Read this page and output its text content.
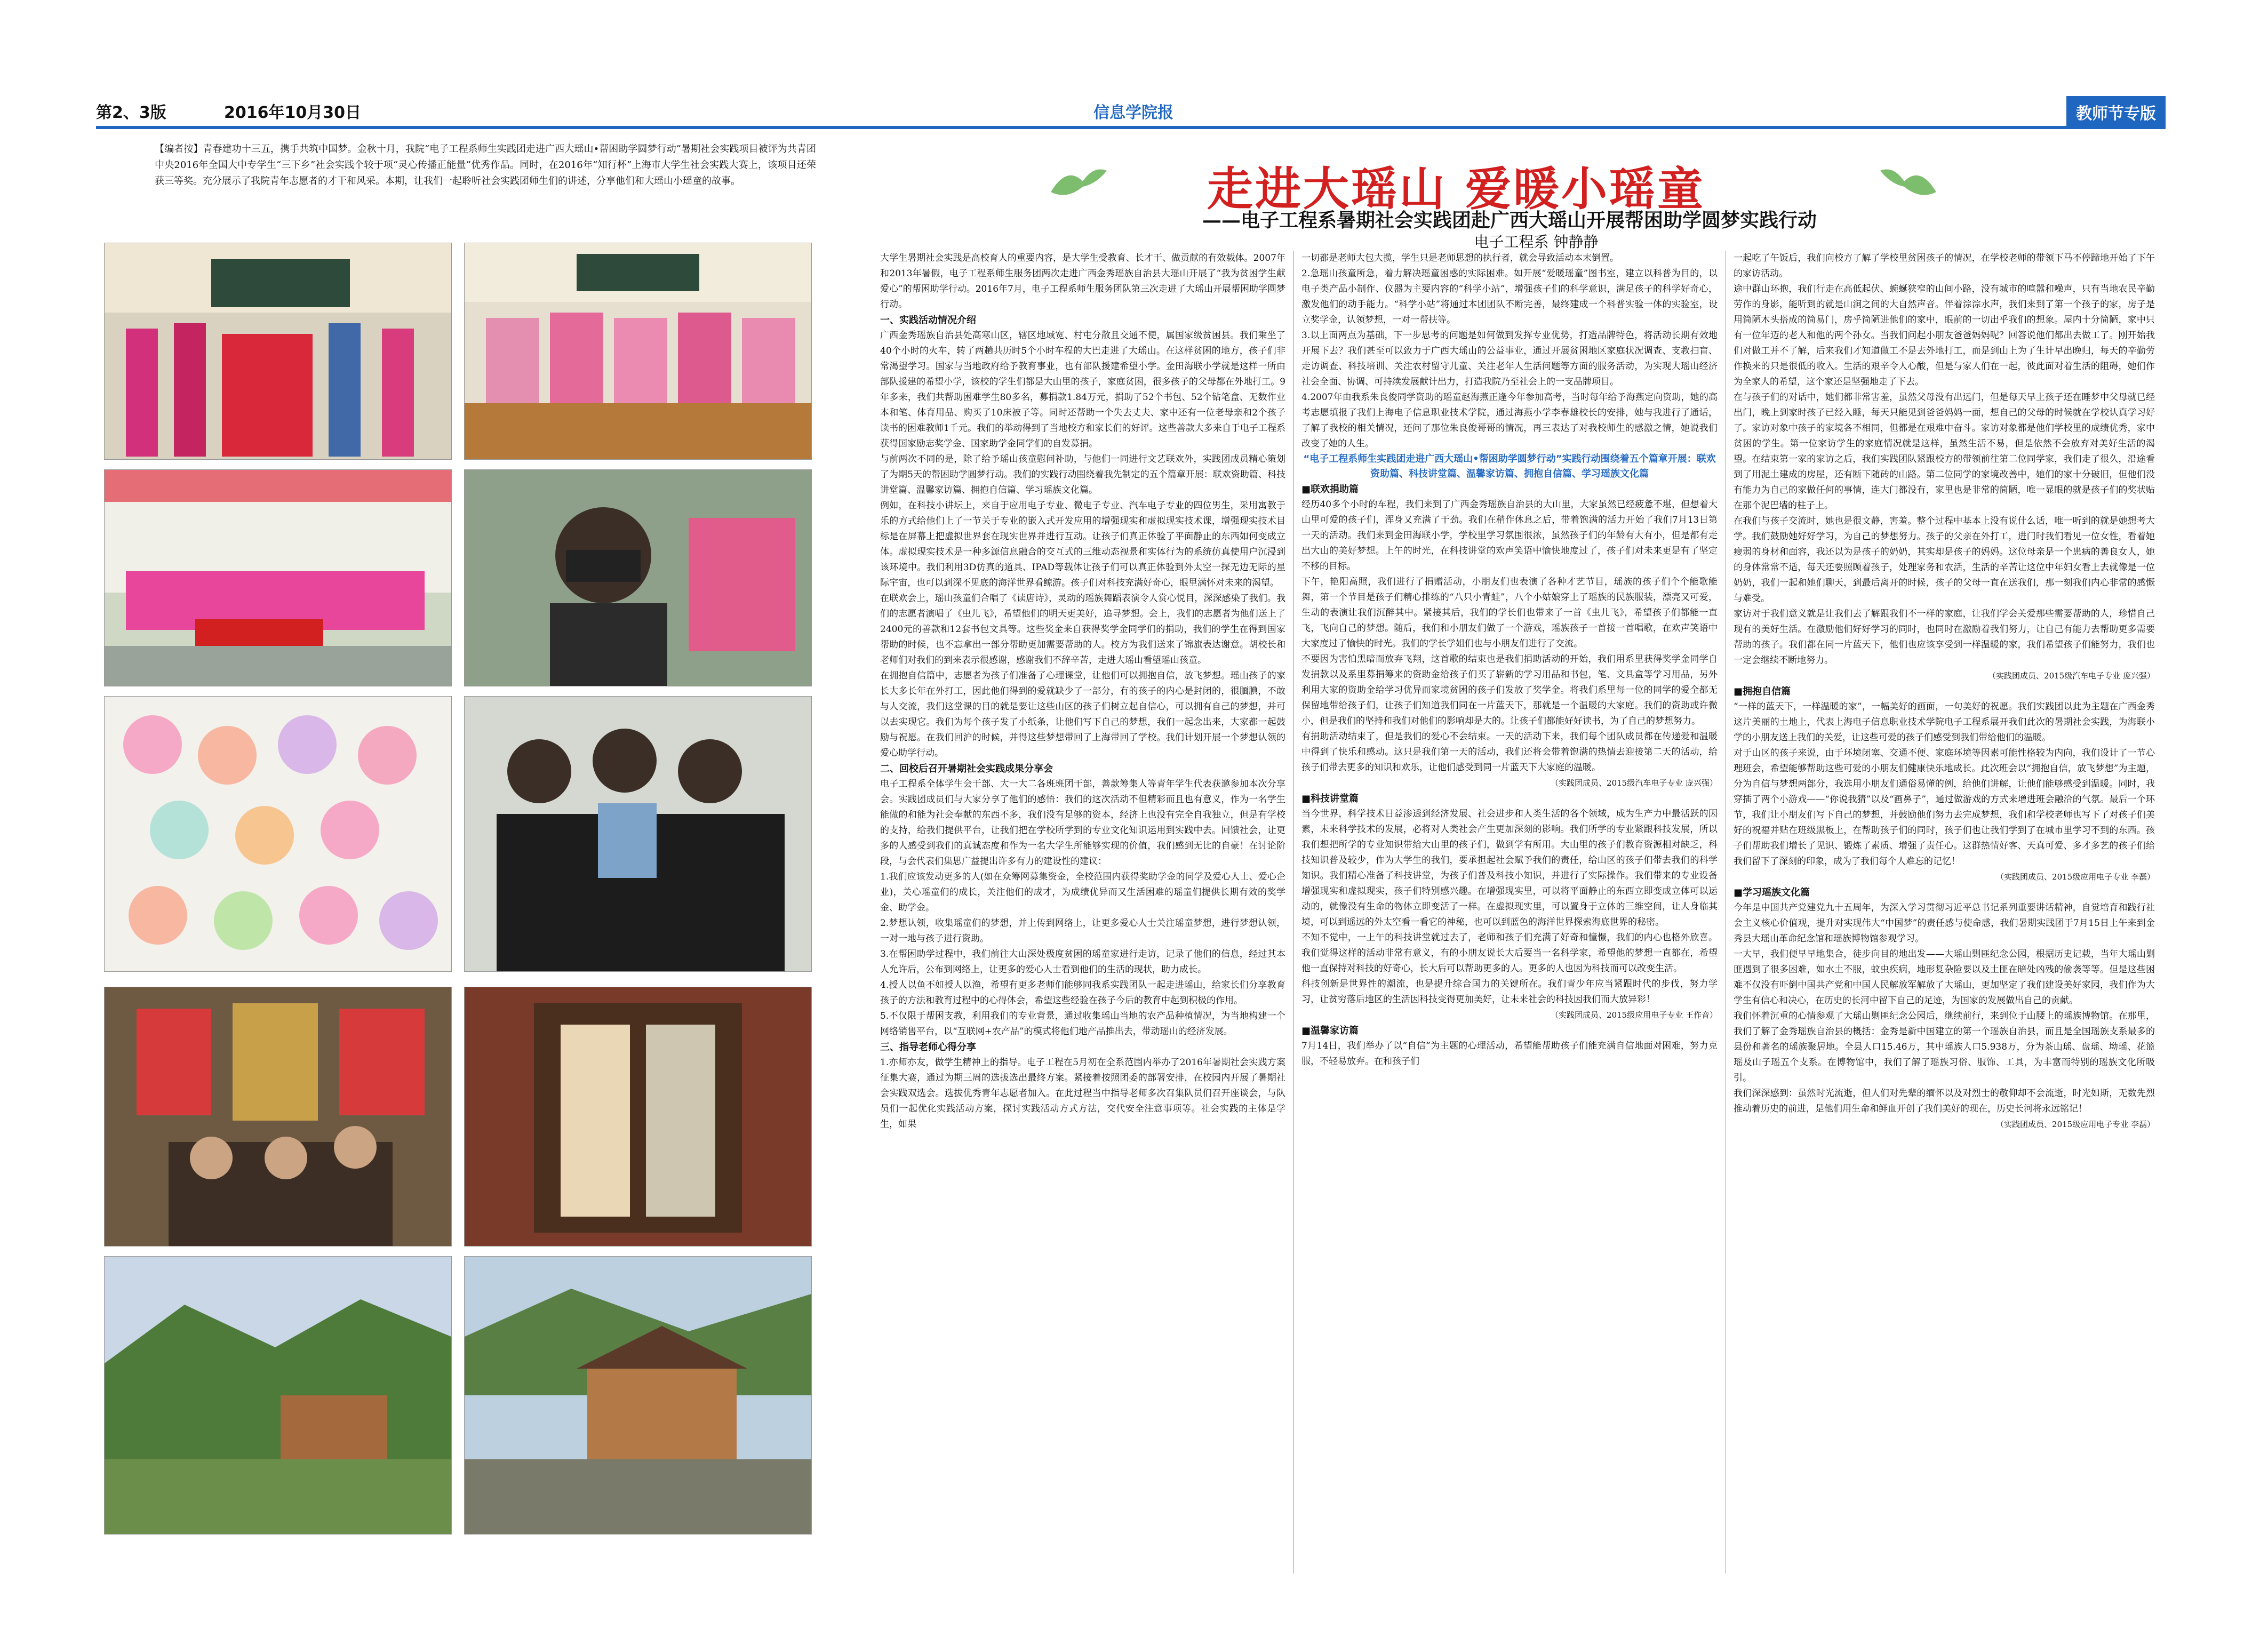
第2、3版	2016年10月30日	信息学院报	教师节专版
【编者按】青春建功十三五，携手共筑中国梦。金秋十月，我院“电子工程系师生实践团走进广西大瑶山•帮困助学圆梦行动”暑期社会实践项目被评为共青团中央2016年全国大中专学生“三下乡”社会实践个较于项“灵心传播正能量”优秀作品。同时，在2016年“知行杯”上海市大学生社会实践大赛上，该项目还荣获三等奖。充分展示了我院青年志愿者的才干和风采。本期，让我们一起聆听社会实践团师生们的讲述，分享他们和大瑶山小瑶童的故事。	走进大瑶山 爱暖小瑶童
——电子工程系暑期社会实践团赴广西大瑶山开展帮困助学圆梦实践行动
电子工程系 钟静静

大学生暑期社会实践是高校育人的重要内容，是大学生受教育、长才干、做贡献的有效载体。2007年和2013年暑假，电子工程系师生服务团两次走进广西金秀瑶族自治县大瑶山开展了“我为贫困学生献爱心”的帮困助学行动。2016年7月，电子工程系师生服务团队第三次走进了大瑶山开展帮困助学圆梦行动。

一、实践活动情况介绍

广西金秀瑶族自治县处高寒山区，辖区地域宽、村屯分散且交通不便，属国家级贫困县。我们乘坐了40个小时的火车，转了两趟共历时5个小时车程的大巴走进了大瑶山。在这样贫困的地方，孩子们非常渴望学习。国家与当地政府给予教育事业，也有部队援建希望小学。金田海联小学就是这样一所由部队援建的希望小学，该校的学生们都是大山里的孩子，家庭贫困，很多孩子的父母都在外地打工。9年多来，我们共帮助困难学生80多名，募捐款1.84万元，捐助了52个书包、52个钻笔盒、无数作业本和笔、体育用品、购买了10床被子等。同时还帮助一个失去丈夫、家中还有一位老母亲和2个孩子读书的困难教师1千元。我们的举动得到了当地校方和家长们的好评。这些善款大多来自于电子工程系获得国家励志奖学金、国家助学金同学们的自发募捐。

与前两次不同的是，除了给予瑶山孩童慰问补助，与他们一同进行文艺联欢外，实践团成员精心策划了为期5天的帮困助学圆梦行动。我们的实践行动围绕着我先制定的五个篇章开展：联欢资助篇、科技讲堂篇、温馨家访篇、拥抱自信篇、学习瑶族文化篇。

例如，在科技小讲坛上，来自于应用电子专业、微电子专业、汽车电子专业的四位男生，采用寓教于乐的方式给他们上了一节关于专业的嵌入式开发应用的增强现实和虚拟现实技术课，增强现实技术目标是在屏幕上把虚拟世界套在现实世界并进行互动。让孩子们真正体验了平面静止的东西如何变成立体。虚拟现实技术是一种多源信息融合的交互式的三维动态视景和实体行为的系统仿真使用户沉浸到该环境中。我们利用3D仿真的道具、IPAD等载体让孩子们可以真正体验到外太空一探无边无际的星际宇宙，也可以到深不见底的海洋世界看鲸游。孩子们对科技充满好奇心，眼里满怀对未来的渴望。

在联欢会上，瑶山孩童们合唱了《读唐诗》，灵动的瑶族舞蹈表演令人赏心悦目，深深感染了我们。我们的志愿者演唱了《虫儿飞》，希望他们的明天更美好，追寻梦想。会上，我们的志愿者为他们送上了2400元的善款和12套书包文具等。这些奖金来自获得奖学金同学们的捐助，我们的学生在得到国家帮助的时候，也不忘拿出一部分帮助更加需要帮助的人。校方为我们送来了锦旗表达谢意。胡校长和老师们对我们的到来表示很感谢，感谢我们不辞辛苦，走进大瑶山看望瑶山孩童。

在拥抱自信篇中，志愿者为孩子们准备了心理课堂，让他们可以拥抱自信，放飞梦想。瑶山孩子的家长大多长年在外打工，因此他们得到的爱就缺少了一部分，有的孩子的内心是封闭的，很腼腆，不敢与人交流，我们这堂课的目的就是要让这些山区的孩子们树立起自信心，可以拥有自己的梦想，并可以去实现它。我们为每个孩子发了小纸条，让他们写下自己的梦想，我们一起念出来，大家都一起鼓励与祝愿。在我们回沪的时候，并得这些梦想带回了上海带回了学校。我们计划开展一个梦想认领的爱心助学行动。

二、回校后召开暑期社会实践成果分享会

电子工程系全体学生会干部、大一大二各班班团干部，善款筹集人等青年学生代表获邀参加本次分享会。实践团成员们与大家分享了他们的感悟：我们的这次活动不但精彩而且也有意义，作为一名学生能做的和能为社会奉献的东西不多，我们没有足够的资本，经济上也没有完全自我独立，但是有学校的支持，给我们提供平台，让我们把在学校所学到的专业文化知识运用到实践中去。回馈社会，让更多的人感受到我们的真诚态度和作为一名大学生所能够实现的价值，我们感到无比的自豪！在讨论阶段，与会代表们集思广益提出许多有力的建设性的建议：

1.我们应该发动更多的人(如在众筹网募集资金，全校范围内获得奖助学金的同学及爱心人士、爱心企业)，关心瑶童们的成长，关注他们的成才，为成绩优异而又生活困难的瑶童们提供长期有效的奖学金、助学金。

2.梦想认领，收集瑶童们的梦想，并上传到网络上，让更多爱心人士关注瑶童梦想，进行梦想认领，一对一地与孩子进行资助。

3.在帮困助学过程中，我们前往大山深处极度贫困的瑶童家进行走访，记录了他们的信息，经过其本人允许后，公布到网络上，让更多的爱心人士看到他们的生活的现状，助力成长。

4.授人以鱼不如授人以渔，希望有更多老师们能够同我系实践团队一起走进瑶山，给家长们分享教育孩子的方法和教育过程中的心得体会，希望这些经验在孩子今后的教育中起到积极的作用。

5.不仅限于帮困支教，利用我们的专业背景，通过收集瑶山当地的农产品种植情况，为当地构建一个网络销售平台，以“互联网+农产品”的模式将他们地产品推出去，带动瑶山的经济发展。

三、指导老师心得分享

1.亦师亦友，做学生精神上的指导。电子工程在5月初在全系范围内举办了2016年暑期社会实践方案征集大赛，通过为期三周的选拔选出最终方案。紧接着按照团委的部署安排，在校园内开展了暑期社会实践双选会。选拔优秀青年志愿者加入。在此过程当中指导老师多次召集队员们召开座谈会，与队员们一起优化实践活动方案，探讨实践活动方式方法，交代安全注意事项等。社会实践的主体是学生，如果

一切都是老师大包大揽，学生只是老师思想的执行者，就会导致活动本末倒置。

2.急瑶山孩童所急，着力解决瑶童困惑的实际困难。如开展“爱暖瑶童”图书室，建立以科普为目的，以电子类产品小制作、仪器为主要内容的“科学小站”，增强孩子们的科学意识，满足孩子的科学好奇心，激发他们的动手能力。“科学小站”将通过本团团队不断完善，最终建成一个科普实验一体的实验室，设立奖学金，认领梦想，一对一帮扶等。

3.以上面两点为基础，下一步思考的问题是如何做到发挥专业优势，打造品牌特色，将活动长期有效地开展下去？我们甚至可以致力于广西大瑶山的公益事业，通过开展贫困地区家庭状况调查、支教扫盲、走访调查、科技培训、关注农村留守儿童、关注老年人生活问题等方面的服务活动，为实现大瑶山经济社会全面、协调、可持续发展献计出力，打造我院乃至社会上的一支品牌项目。

4.2007年由我系朱良俊同学资助的瑶童赵海燕正逢今年参加高考，当时每年给予海燕定向资助，她的高考志愿填报了我们上海电子信息职业技术学院，通过海燕小学李春雄校长的安排，她与我进行了通话，了解了我校的相关情况，还问了那位朱良俊哥哥的情况，再三表达了对我校师生的感激之情，她说我们改变了她的人生。

“电子工程系师生实践团走进广西大瑶山•帮困助学圆梦行动”实践行动围绕着五个篇章开展：联欢资助篇、科技讲堂篇、温馨家访篇、拥抱自信篇、学习瑶族文化篇

■联欢捐助篇

经历40多个小时的车程，我们来到了广西金秀瑶族自治县的大山里，大家虽然已经疲惫不堪，但想着大山里可爱的孩子们，浑身又充满了干劲。我们在稍作休息之后，带着饱满的活力开始了我们7月13日第一天的活动。我们来到金田海联小学，学校里学习氛围很浓，虽然孩子们的年龄有大有小，但是都有走出大山的美好梦想。上午的时光，在科技讲堂的欢声笑语中愉快地度过了，孩子们对未来更是有了坚定不移的目标。

下午，艳阳高照，我们进行了捐赠活动，小朋友们也表演了各种才艺节目，瑶族的孩子们个个能歌能舞，第一个节目是孩子们精心排练的“八只小青蛙”，八个小姑娘穿上了瑶族的民族服装，漂亮又可爱，生动的表演让我们沉醉其中。紧接其后，我们的学长们也带来了一首《虫儿飞》，希望孩子们都能一直飞，飞向自己的梦想。随后，我们和小朋友们做了一个游戏，瑶族孩子一首接一首唱歌，在欢声笑语中大家度过了愉快的时光。我们的学长学姐们也与小朋友们进行了交流。

不要因为害怕黑暗而放弃飞翔，这首歌的结束也是我们捐助活动的开始，我们用系里获得奖学金同学自发捐款以及系里募捐筹来的资助金给孩子们买了崭新的学习用品和书包，笔、文具盒等学习用品，另外利用大家的资助金给学习优异而家境贫困的孩子们发放了奖学金。将我们系里每一位的同学的爱全都无保留地带给孩子们，让孩子们知道我们同在一片蓝天下，那就是一个温暖的大家庭。我们的资助或许微小，但是我们的坚持和我们对他们的影响却是大的。让孩子们都能好好读书，为了自己的梦想努力。

有捐助活动结束了，但是我们的爱心不会结束。一天的活动下来，我们每个团队成员都在传递爱和温暖中得到了快乐和感动。这只是我们第一天的活动，我们还将会带着饱满的热情去迎接第二天的活动，给孩子们带去更多的知识和欢乐，让他们感受到同一片蓝天下大家庭的温暖。

（实践团成员、2015级汽车电子专业 庞兴强）

■科技讲堂篇

当今世界，科学技术日益渗透到经济发展、社会进步和人类生活的各个领域，成为生产力中最活跃的因素，未来科学技术的发展，必将对人类社会产生更加深刻的影响。我们所学的专业紧跟科技发展，所以我们想把所学的专业知识带给大山里的孩子们，做到学有所用。大山里的孩子们教育资源相对缺乏，科技知识普及较少，作为大学生的我们，要承担起社会赋予我们的责任，给山区的孩子们带去我们的科学知识。我们精心准备了科技讲堂，为孩子们普及科技小知识，并进行了实际操作。我们带来的专业设备增强现实和虚拟现实，孩子们特别感兴趣。在增强现实里，可以将平面静止的东西立即变成立体可以运动的，就像没有生命的物体立即变活了一样。在虚拟现实里，可以置身于立体的三维空间，让人身临其境，可以到遥远的外太空看一看它的神秘，也可以到蓝色的海洋世界探索海底世界的秘密。

不知不觉中，一上午的科技讲堂就过去了，老师和孩子们充满了好奇和憧憬，我们的内心也格外欣喜。我们觉得这样的活动非常有意义，有的小朋友说长大后要当一名科学家，希望他的梦想一直都在，希望他一直保持对科技的好奇心，长大后可以帮助更多的人。更多的人也因为科技而可以改变生活。

科技创新是世界性的潮流，也是提升综合国力的关键所在。我们青少年应当紧跟时代的步伐，努力学习，让贫穷落后地区的生活因科技变得更加美好，让未来社会的科技因我们而大放异彩！

（实践团成员、2015级应用电子专业 王作音）

■温馨家访篇

7月14日，我们举办了以“自信”为主题的心理活动，希望能帮助孩子们能充满自信地面对困难，努力克服，不轻易放弃。在和孩子们

一起吃了午饭后，我们向校方了解了学校里贫困孩子的情况，在学校老师的带领下马不停蹄地开始了下午的家访活动。

途中群山环抱，我们行走在高低起伏、蜿蜒狭窄的山间小路，没有城市的喧嚣和噪声，只有当地农民辛勤劳作的身影，能听到的就是山涧之间的大自然声音。伴着淙淙水声，我们来到了第一个孩子的家，房子是用简陋木头搭成的简易门，房乎简陋进他们的家中，眼前的一切出乎我们的想象。屋内十分简陋，家中只有一位年迈的老人和他的两个孙女。当我们问起小朋友爸爸妈妈呢？回答说他们都出去做工了。刚开始我们对做工并不了解，后来我们才知道做工不是去外地打工，而是到山上为了生计早出晚归，每天的辛勤劳作换来的只是很低的收入。生活的艰辛令人心酸，但是与家人们在一起，彼此面对着生活的阻碍，她们作为全家人的希望，这个家还是坚强地走了下去。

在与孩子们的对话中，她们都非常害羞，虽然父母没有出远门，但是每天早上孩子还在睡梦中父母就已经出门，晚上到家时孩子已经入睡，每天只能见到爸爸妈妈一面，想自己的父母的时候就在学校认真学习好了。家访对象中孩子的家境各不相同，但都是在艰难中奋斗。家访对象都是他们学校里的成绩优秀，家中贫困的学生。第一位家访学生的家庭情况就是这样，虽然生活不易，但是依然不会放弃对美好生活的渴望。在结束第一家的家访之后，我们实践团队紧跟校方的带领前往第二位同学家，我们走了很久，沿途看到了用泥土建成的房屋，还有断下随砖的山路。第二位同学的家境改善中，她们的家十分破旧，但他们没有能力为自己的家做任何的事情，连大门都没有，家里也是非常的简陋，唯一显眼的就是孩子们的奖状贴在那个泥巴墙的柱子上。

在我们与孩子交流时，她也是很文静，害羞。整个过程中基本上没有说什么话，唯一听到的就是她想考大学。我们鼓励她好好学习，为自己的梦想努力。孩子的父亲在外打工，进门时我们看见一位女性，看着她瘦弱的身材和面容，我还以为是孩子的奶奶，其实却是孩子的妈妈。这位母亲是一个患病的善良女人，她的身体常常不适，每天还要照顾着孩子，处理家务和农活，生活的辛苦让这位中年妇女看上去就像是一位奶奶，我们一起和她们聊天，到最后离开的时候，孩子的父母一直在送我们，那一刻我们内心非常的感慨与难受。

家访对于我们意义就是让我们去了解跟我们不一样的家庭，让我们学会关爱那些需要帮助的人，珍惜自己现有的美好生活。在激励他们好好学习的同时，也同时在激励着我们努力，让自己有能力去帮助更多需要帮助的孩子。我们都在同一片蓝天下，他们也应该享受到一样温暖的家，我们希望孩子们能努力，我们也一定会继续不断地努力。

（实践团成员、2015级汽车电子专业 庞兴强）

■拥抱自信篇

“一样的蓝天下，一样温暖的家”，一幅美好的画面，一句美好的祝愿。我们实践团以此为主题在广西金秀这片美丽的土地上，代表上海电子信息职业技术学院电子工程系展开我们此次的暑期社会实践，为海联小学的小朋友送上我们的关爱，让这些可爱的孩子们感受到我们带给他们的温暖。

对于山区的孩子来说，由于环境闭塞、交通不便、家庭环境等因素可能性格较为内向，我们设计了一节心理班会，希望能够帮助这些可爱的小朋友们健康快乐地成长。此次班会以“拥抱自信，放飞梦想”为主题，分为自信与梦想两部分，我选用小朋友们通俗易懂的例，给他们讲解，让他们能够感受到温暖。同时，我穿插了两个小游戏——“你说我猜”以及“画鼻子”，通过做游戏的方式来增进班会融洽的气氛。最后一个环节，我们让小朋友们写下自己的梦想，并鼓励他们努力去完成梦想，我们和学校老师也写下了对孩子们美好的祝福并贴在班级黑板上，在帮助孩子们的同时，孩子们也让我们学到了在城市里学习不到的东西。孩子们帮助我们增长了见识、锻炼了素质、增强了责任心。这群热情好客、天真可爱、多才多艺的孩子们给我们留下了深刻的印象，成为了我们每个人难忘的记忆！

（实践团成员、2015级应用电子专业 李磊）

■学习瑶族文化篇

今年是中国共产党建党九十五周年，为深入学习贯彻习近平总书记系列重要讲话精神，自觉培育和践行社会主义核心价值观，提升对实现伟大“中国梦”的责任感与使命感，我们暑期实践团于7月15日上午来到金秀县大瑶山革命纪念馆和瑶族博物馆参观学习。

一大早，我们便早早地集合，徒步向目的地出发——大瑶山剿匪纪念公园，根据历史记载，当年大瑶山剿匪遇到了很多困难，如水土不服，蚊虫疾病，地形复杂险要以及土匪在暗处凶残的偷袭等等。但是这些困难不仅没有吓倒中国共产党和中国人民解放军解放了大瑶山，更加坚定了我们建设美好家园，我们作为大学生有信心和决心，在历史的长河中留下自己的足迹，为国家的发展做出自己的贡献。

我们怀着沉重的心情参观了大瑶山剿匪纪念公园后，继续前行，来到位于山腰上的瑶族博物馆。在那里，我们了解了金秀瑶族自治县的概括：金秀是新中国建立的第一个瑶族自治县，而且是全国瑶族支系最多的县份和著名的瑶族聚居地。全县人口15.46万，其中瑶族人口5.938万，分为茶山瑶、盘瑶、坳瑶、花篮瑶及山子瑶五个支系。在博物馆中，我们了解了瑶族习俗、服饰、工具，为丰富而特别的瑶族文化所吸引。

我们深深感到：虽然时光流逝，但人们对先辈的缅怀以及对烈士的敬仰却不会流逝，时光如斯，无数先烈推动着历史的前进，是他们用生命和鲜血开创了我们美好的现在，历史长河将永远铭记！

（实践团成员、2015级应用电子专业 李磊）
